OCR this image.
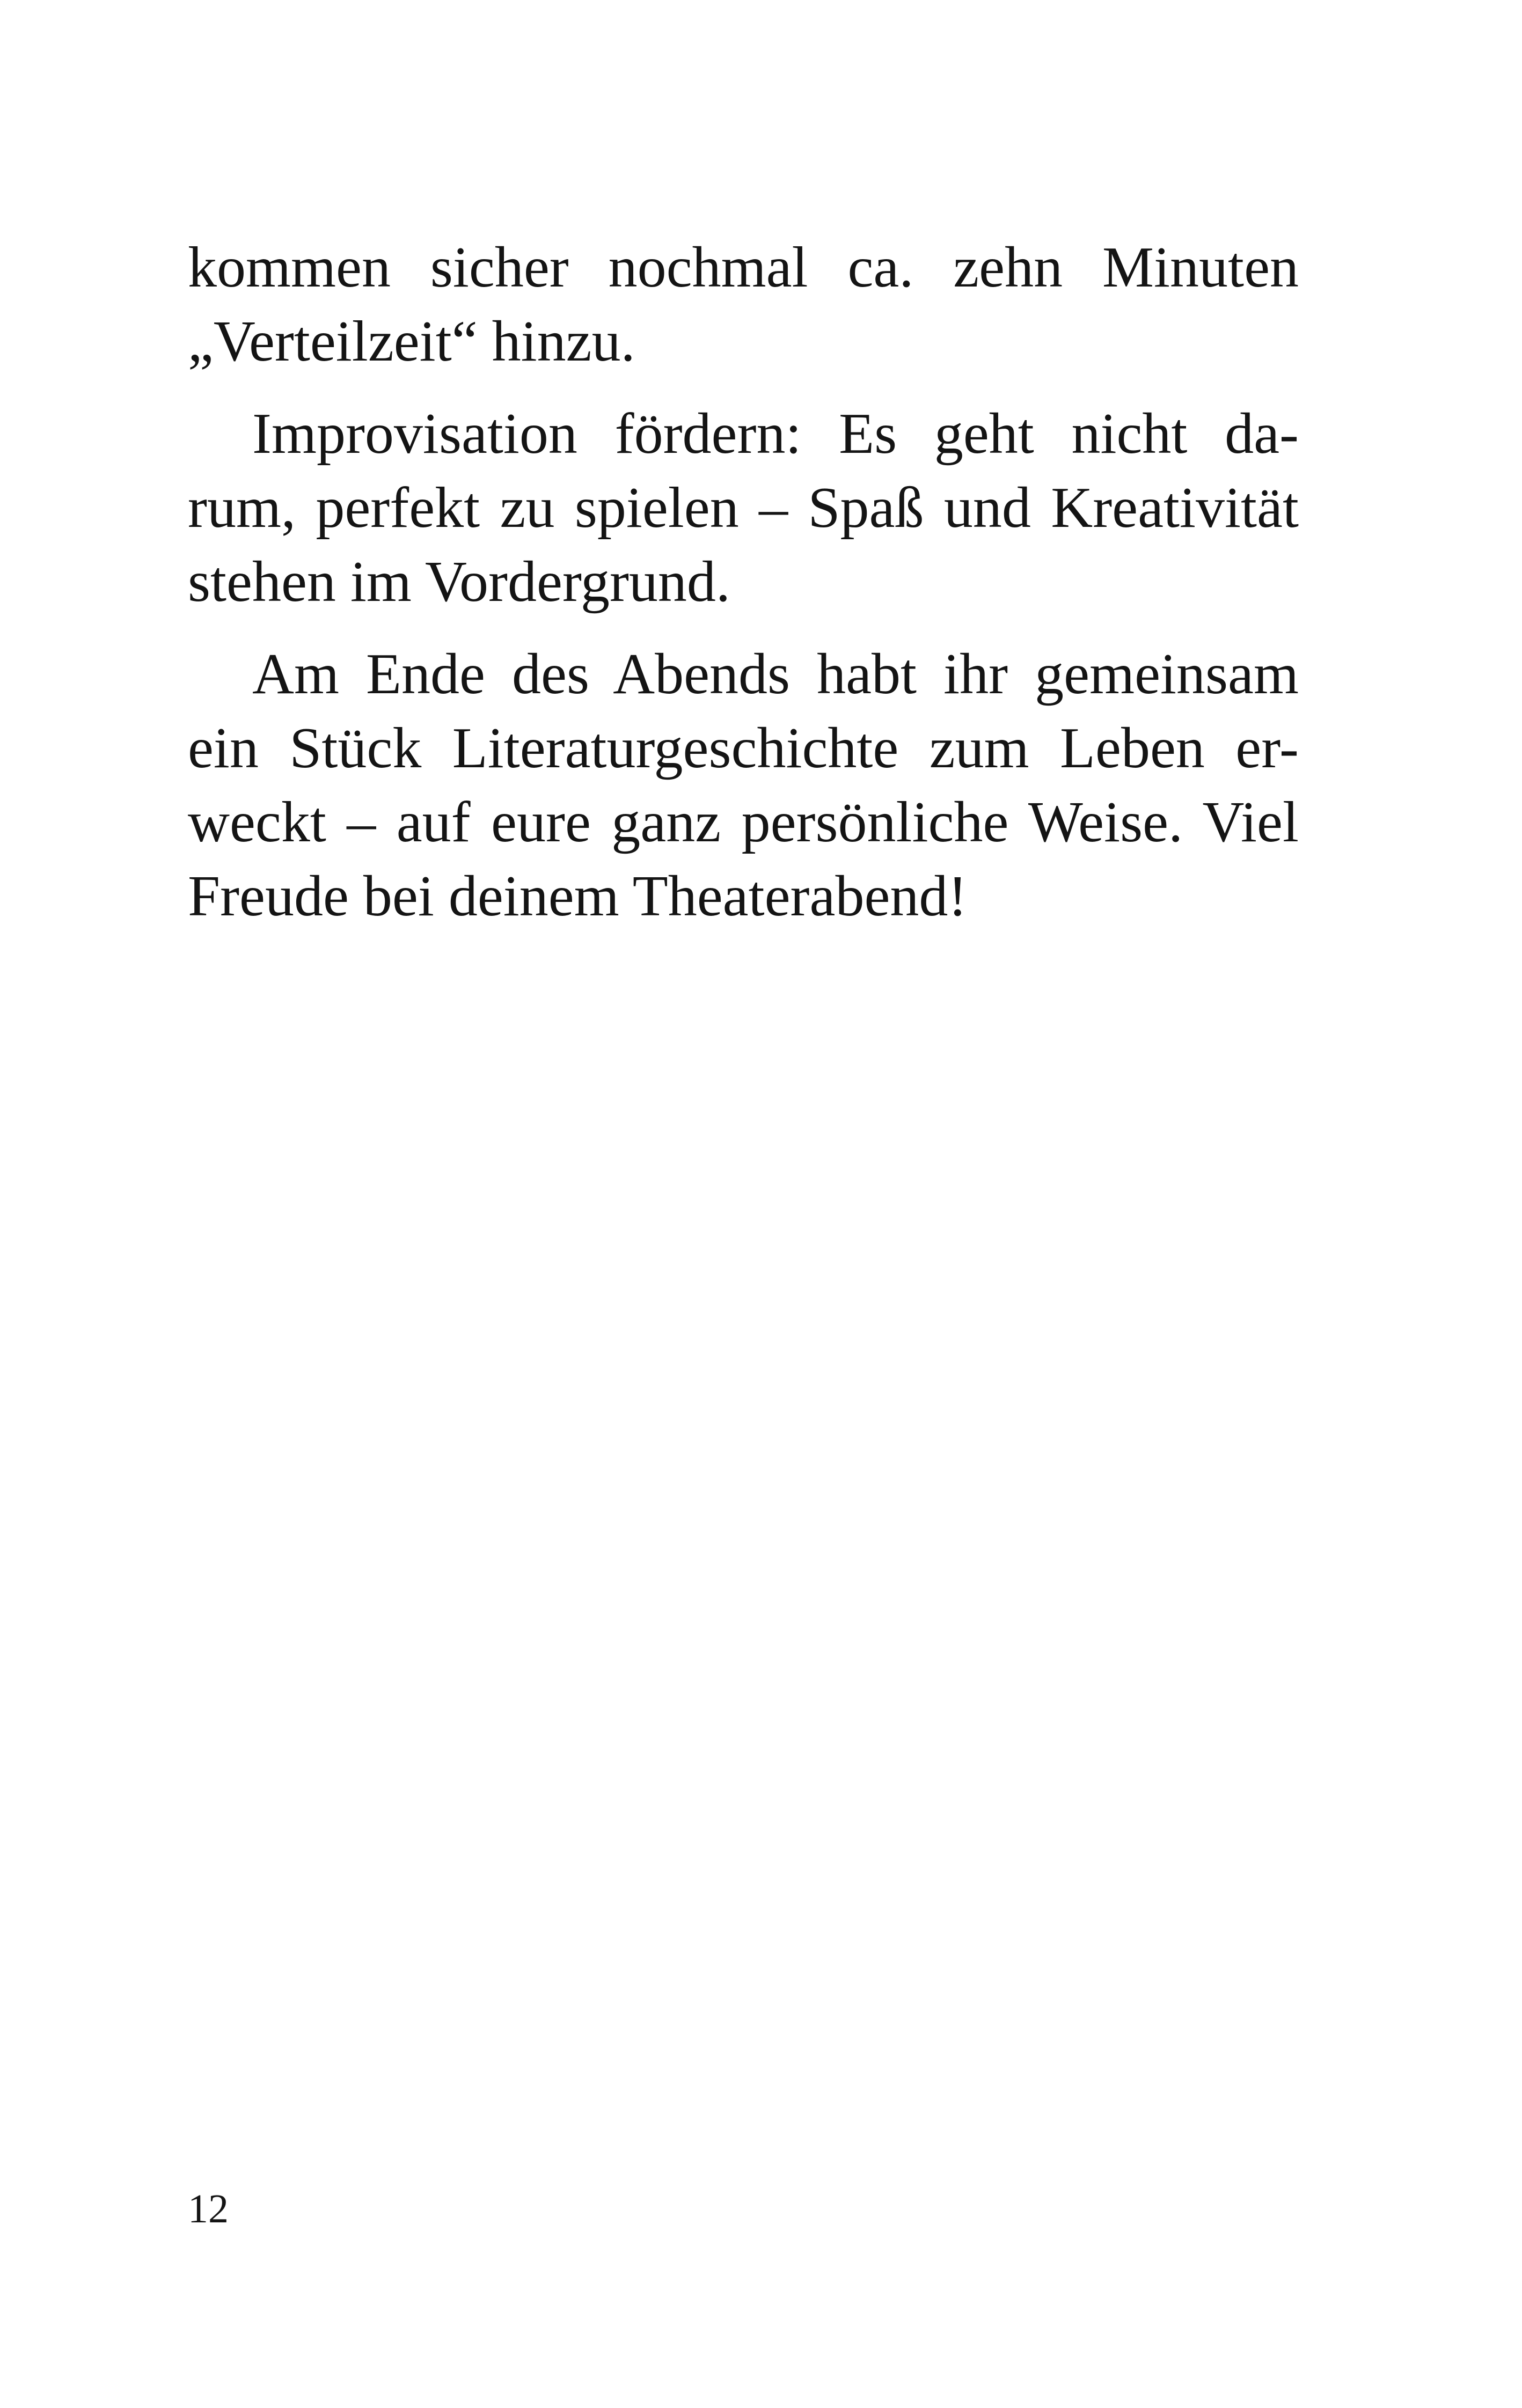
kommen sicher nochmal ca. zehn Minuten
„Verteilzeit“ hinzu.

Improvisation fördern: Es geht nicht da-
rum, perfekt zu spielen – Spaß und Kreativität
stehen im Vordergrund.

Am Ende des Abends habt ihr gemeinsam
ein Stück Literaturgeschichte zum Leben er-
weckt – auf eure ganz persönliche Weise. Viel
Freude bei deinem Theaterabend!

12
